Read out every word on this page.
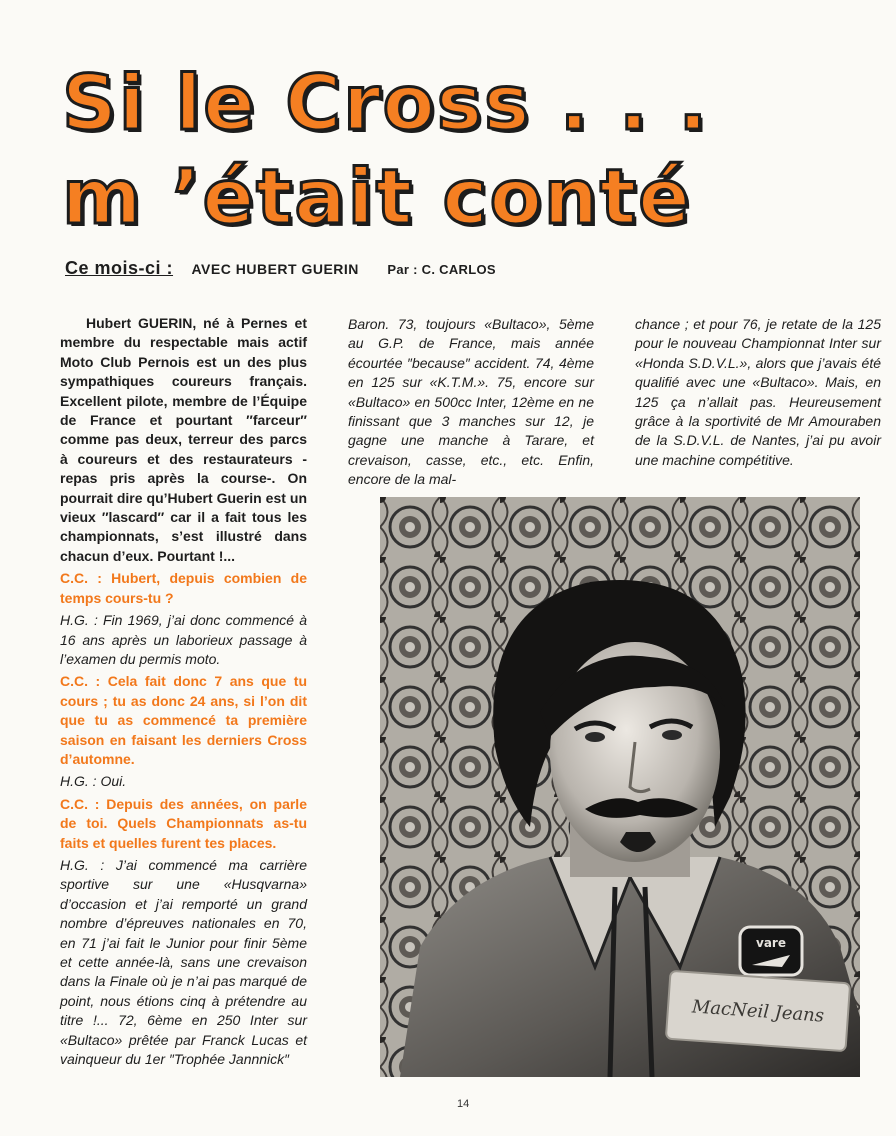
Si le Cross . . .
m ’était conté
Ce mois-ci : AVEC HUBERT GUERIN Par : C. CARLOS

Hubert GUERIN, né à Pernes et membre du respectable mais actif Moto Club Pernois est un des plus sympathiques coureurs français. Excellent pilote, membre de l’Équipe de France et pourtant ″farceur″ comme pas deux, terreur des parcs à coureurs et des restaurateurs -repas pris après la course-. On pourrait dire qu’Hubert Guerin est un vieux ″lascard″ car il a fait tous les championnats, s’est illustré dans chacun d’eux. Pourtant !...

C.C. : Hubert, depuis combien de temps cours-tu ?

H.G. : Fin 1969, j’ai donc commencé à 16 ans après un laborieux passage à l’examen du permis moto.

C.C. : Cela fait donc 7 ans que tu cours ; tu as donc 24 ans, si l’on dit que tu as commencé ta première saison en faisant les derniers Cross d’automne.

H.G. : Oui.

C.C. : Depuis des années, on parle de toi. Quels Championnats as-tu faits et quelles furent tes places.

H.G. : J’ai commencé ma carrière sportive sur une «Husqvarna» d’occasion et j’ai remporté un grand nombre d’épreuves nationales en 70, en 71 j’ai fait le Junior pour finir 5ème et cette année-là, sans une crevaison dans la Finale où je n’ai pas marqué de point, nous étions cinq à prétendre au titre !... 72, 6ème en 250 Inter sur «Bultaco» prêtée par Franck Lucas et vainqueur du 1er ″Trophée Jannnick″

Baron. 73, toujours «Bultaco», 5ème au G.P. de France, mais année écourtée ″because″ accident. 74, 4ème en 125 sur «K.T.M.». 75, encore sur «Bultaco» en 500cc Inter, 12ème en ne finissant que 3 manches sur 12, je gagne une manche à Tarare, et crevaison, casse, etc., etc. Enfin, encore de la mal-

chance ; et pour 76, je retate de la 125 pour le nouveau Championnat Inter sur «Honda S.D.V.L.», alors que j’avais été qualifié avec une «Bultaco». Mais, en 125 ça n’allait pas. Heureusement grâce à la sportivité de Mr Amouraben de la S.D.V.L. de Nantes, j’ai pu avoir une machine compétitive.

vare
MacNeil Jeans
14
